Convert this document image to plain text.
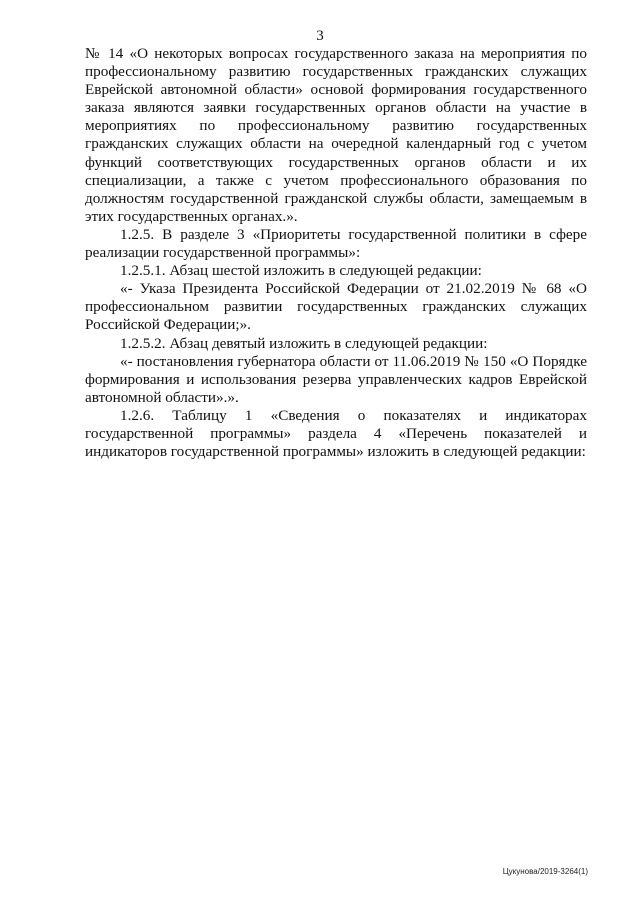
3

№ 14 «О некоторых вопросах государственного заказа на мероприятия по профессиональному развитию государственных гражданских служащих Еврейской автономной области» основой формирования государственного заказа являются заявки государственных органов области на участие в мероприятиях по профессиональному развитию государственных гражданских служащих области на очередной календарный год с учетом функций соответствующих государственных органов области и их специализации, а также с учетом профессионального образования по должностям государственной гражданской службы области, замещаемым в этих государственных органах.».

1.2.5. В разделе 3 «Приоритеты государственной политики в сфере реализации государственной программы»:

1.2.5.1. Абзац шестой изложить в следующей редакции:

«- Указа Президента Российской Федерации от 21.02.2019 № 68 «О профессиональном развитии государственных гражданских служащих Российской Федерации;».

1.2.5.2. Абзац девятый изложить в следующей редакции:

«- постановления губернатора области от 11.06.2019 № 150 «О Порядке формирования и использования резерва управленческих кадров Еврейской автономной области».».

1.2.6. Таблицу 1 «Сведения о показателях и индикаторах государственной программы» раздела 4 «Перечень показателей и индикаторов государственной программы» изложить в следующей редакции:

Цукунова/2019-3264(1)
